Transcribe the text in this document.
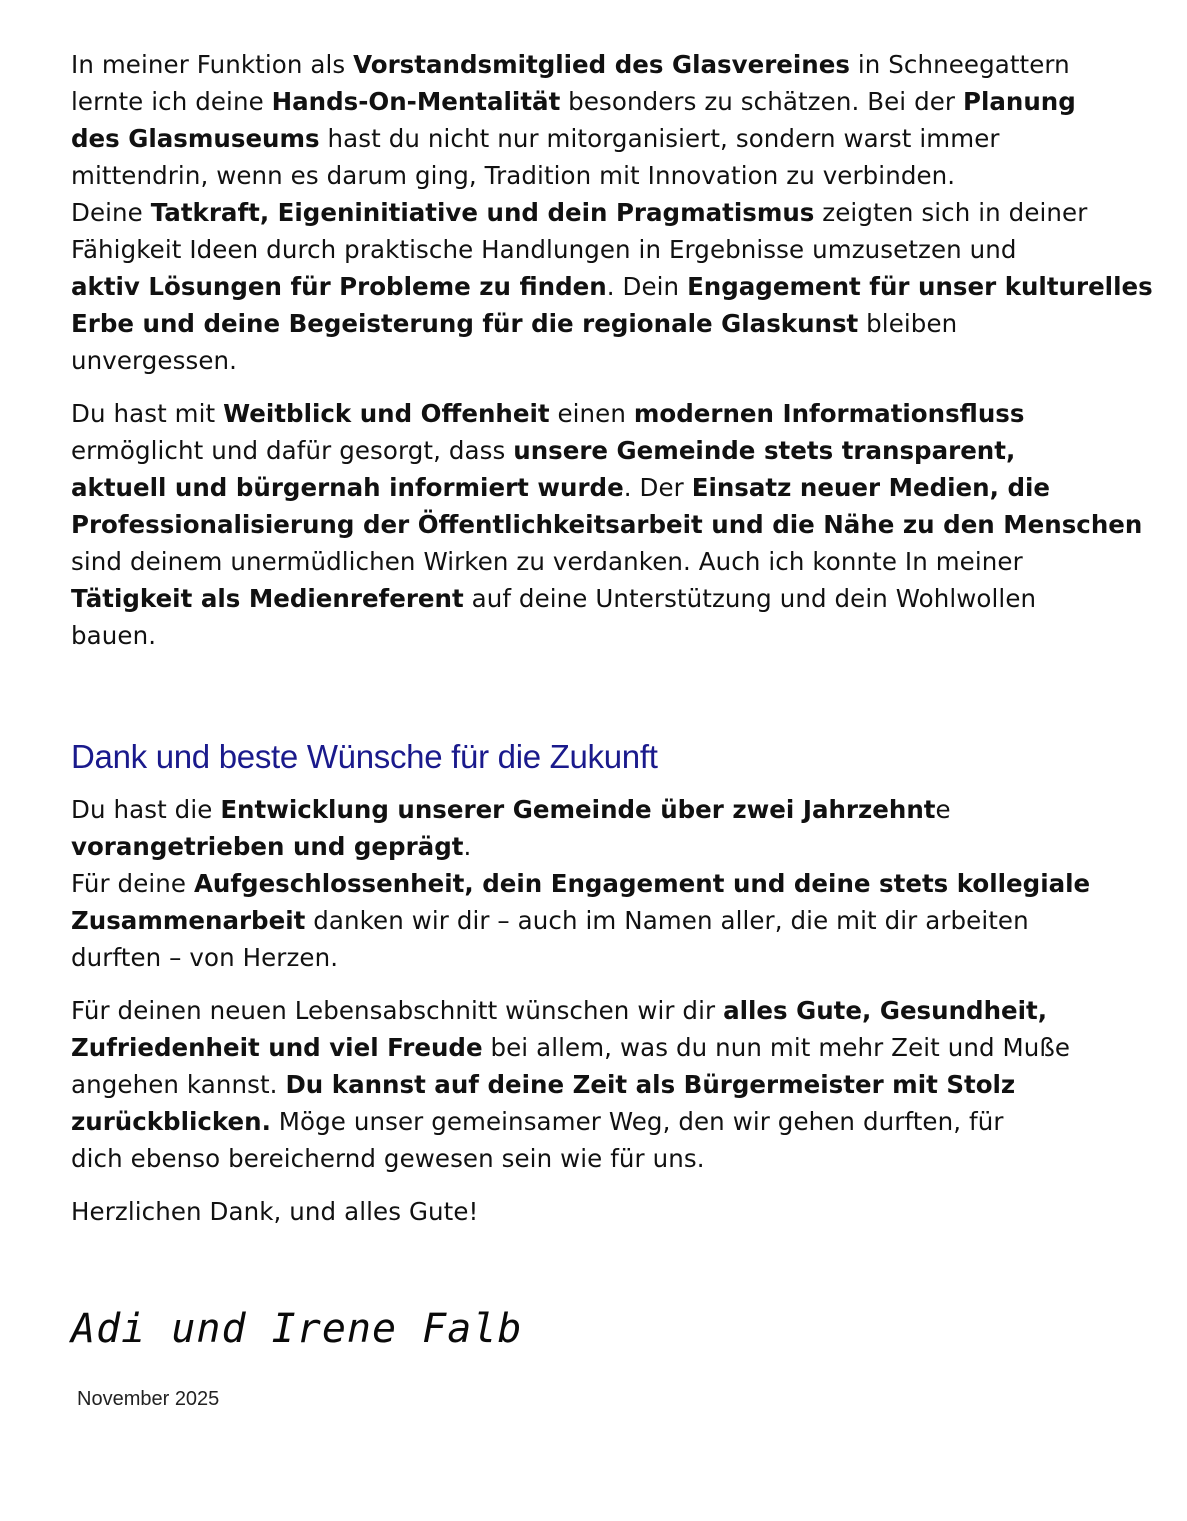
In meiner Funktion als Vorstandsmitglied des Glasvereines in Schneegattern
lernte ich deine Hands-On-Mentalität besonders zu schätzen. Bei der Planung
des Glasmuseums hast du nicht nur mitorganisiert, sondern warst immer
mittendrin, wenn es darum ging, Tradition mit Innovation zu verbinden.
Deine Tatkraft, Eigeninitiative und dein Pragmatismus zeigten sich in deiner
Fähigkeit Ideen durch praktische Handlungen in Ergebnisse umzusetzen und
aktiv Lösungen für Probleme zu finden. Dein Engagement für unser kulturelles
Erbe und deine Begeisterung für die regionale Glaskunst bleiben
unvergessen.
Du hast mit Weitblick und Offenheit einen modernen Informationsfluss
ermöglicht und dafür gesorgt, dass unsere Gemeinde stets transparent,
aktuell und bürgernah informiert wurde. Der Einsatz neuer Medien, die
Professionalisierung der Öffentlichkeitsarbeit und die Nähe zu den Menschen
sind deinem unermüdlichen Wirken zu verdanken. Auch ich konnte In meiner
Tätigkeit als Medienreferent auf deine Unterstützung und dein Wohlwollen
bauen.
Dank und beste Wünsche für die Zukunft
Du hast die Entwicklung unserer Gemeinde über zwei Jahrzehnte
vorangetrieben und geprägt.
Für deine Aufgeschlossenheit, dein Engagement und deine stets kollegiale
Zusammenarbeit danken wir dir – auch im Namen aller, die mit dir arbeiten
durften – von Herzen.
Für deinen neuen Lebensabschnitt wünschen wir dir alles Gute, Gesundheit,
Zufriedenheit und viel Freude bei allem, was du nun mit mehr Zeit und Muße
angehen kannst. Du kannst auf deine Zeit als Bürgermeister mit Stolz
zurückblicken. Möge unser gemeinsamer Weg, den wir gehen durften, für
dich ebenso bereichernd gewesen sein wie für uns.
Herzlichen Dank, und alles Gute!
Adi und Irene Falb
November 2025
